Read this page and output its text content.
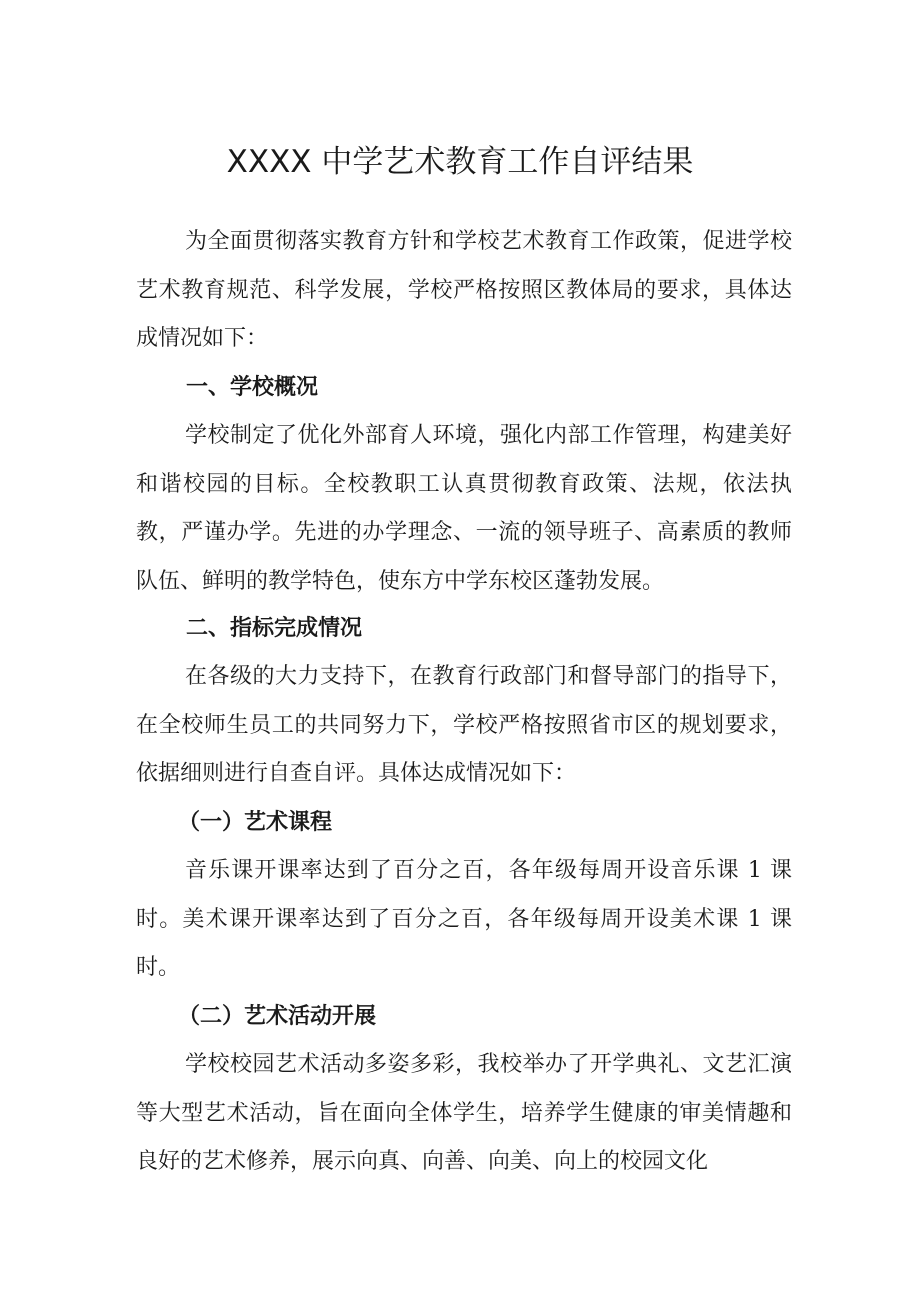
XXXX 中学艺术教育工作自评结果

为全面贯彻落实教育方针和学校艺术教育工作政策，促进学校艺术教育规范、科学发展，学校严格按照区教体局的要求，具体达成情况如下：

一、学校概况

学校制定了优化外部育人环境，强化内部工作管理，构建美好和谐校园的目标。全校教职工认真贯彻教育政策、法规，依法执教，严谨办学。先进的办学理念、一流的领导班子、高素质的教师队伍、鲜明的教学特色，使东方中学东校区蓬勃发展。

二、指标完成情况

在各级的大力支持下，在教育行政部门和督导部门的指导下，在全校师生员工的共同努力下，学校严格按照省市区的规划要求，依据细则进行自查自评。具体达成情况如下：

（一）艺术课程

音乐课开课率达到了百分之百，各年级每周开设音乐课 1 课时。美术课开课率达到了百分之百，各年级每周开设美术课 1 课时。

（二）艺术活动开展

学校校园艺术活动多姿多彩，我校举办了开学典礼、文艺汇演等大型艺术活动，旨在面向全体学生，培养学生健康的审美情趣和良好的艺术修养，展示向真、向善、向美、向上的校园文化
